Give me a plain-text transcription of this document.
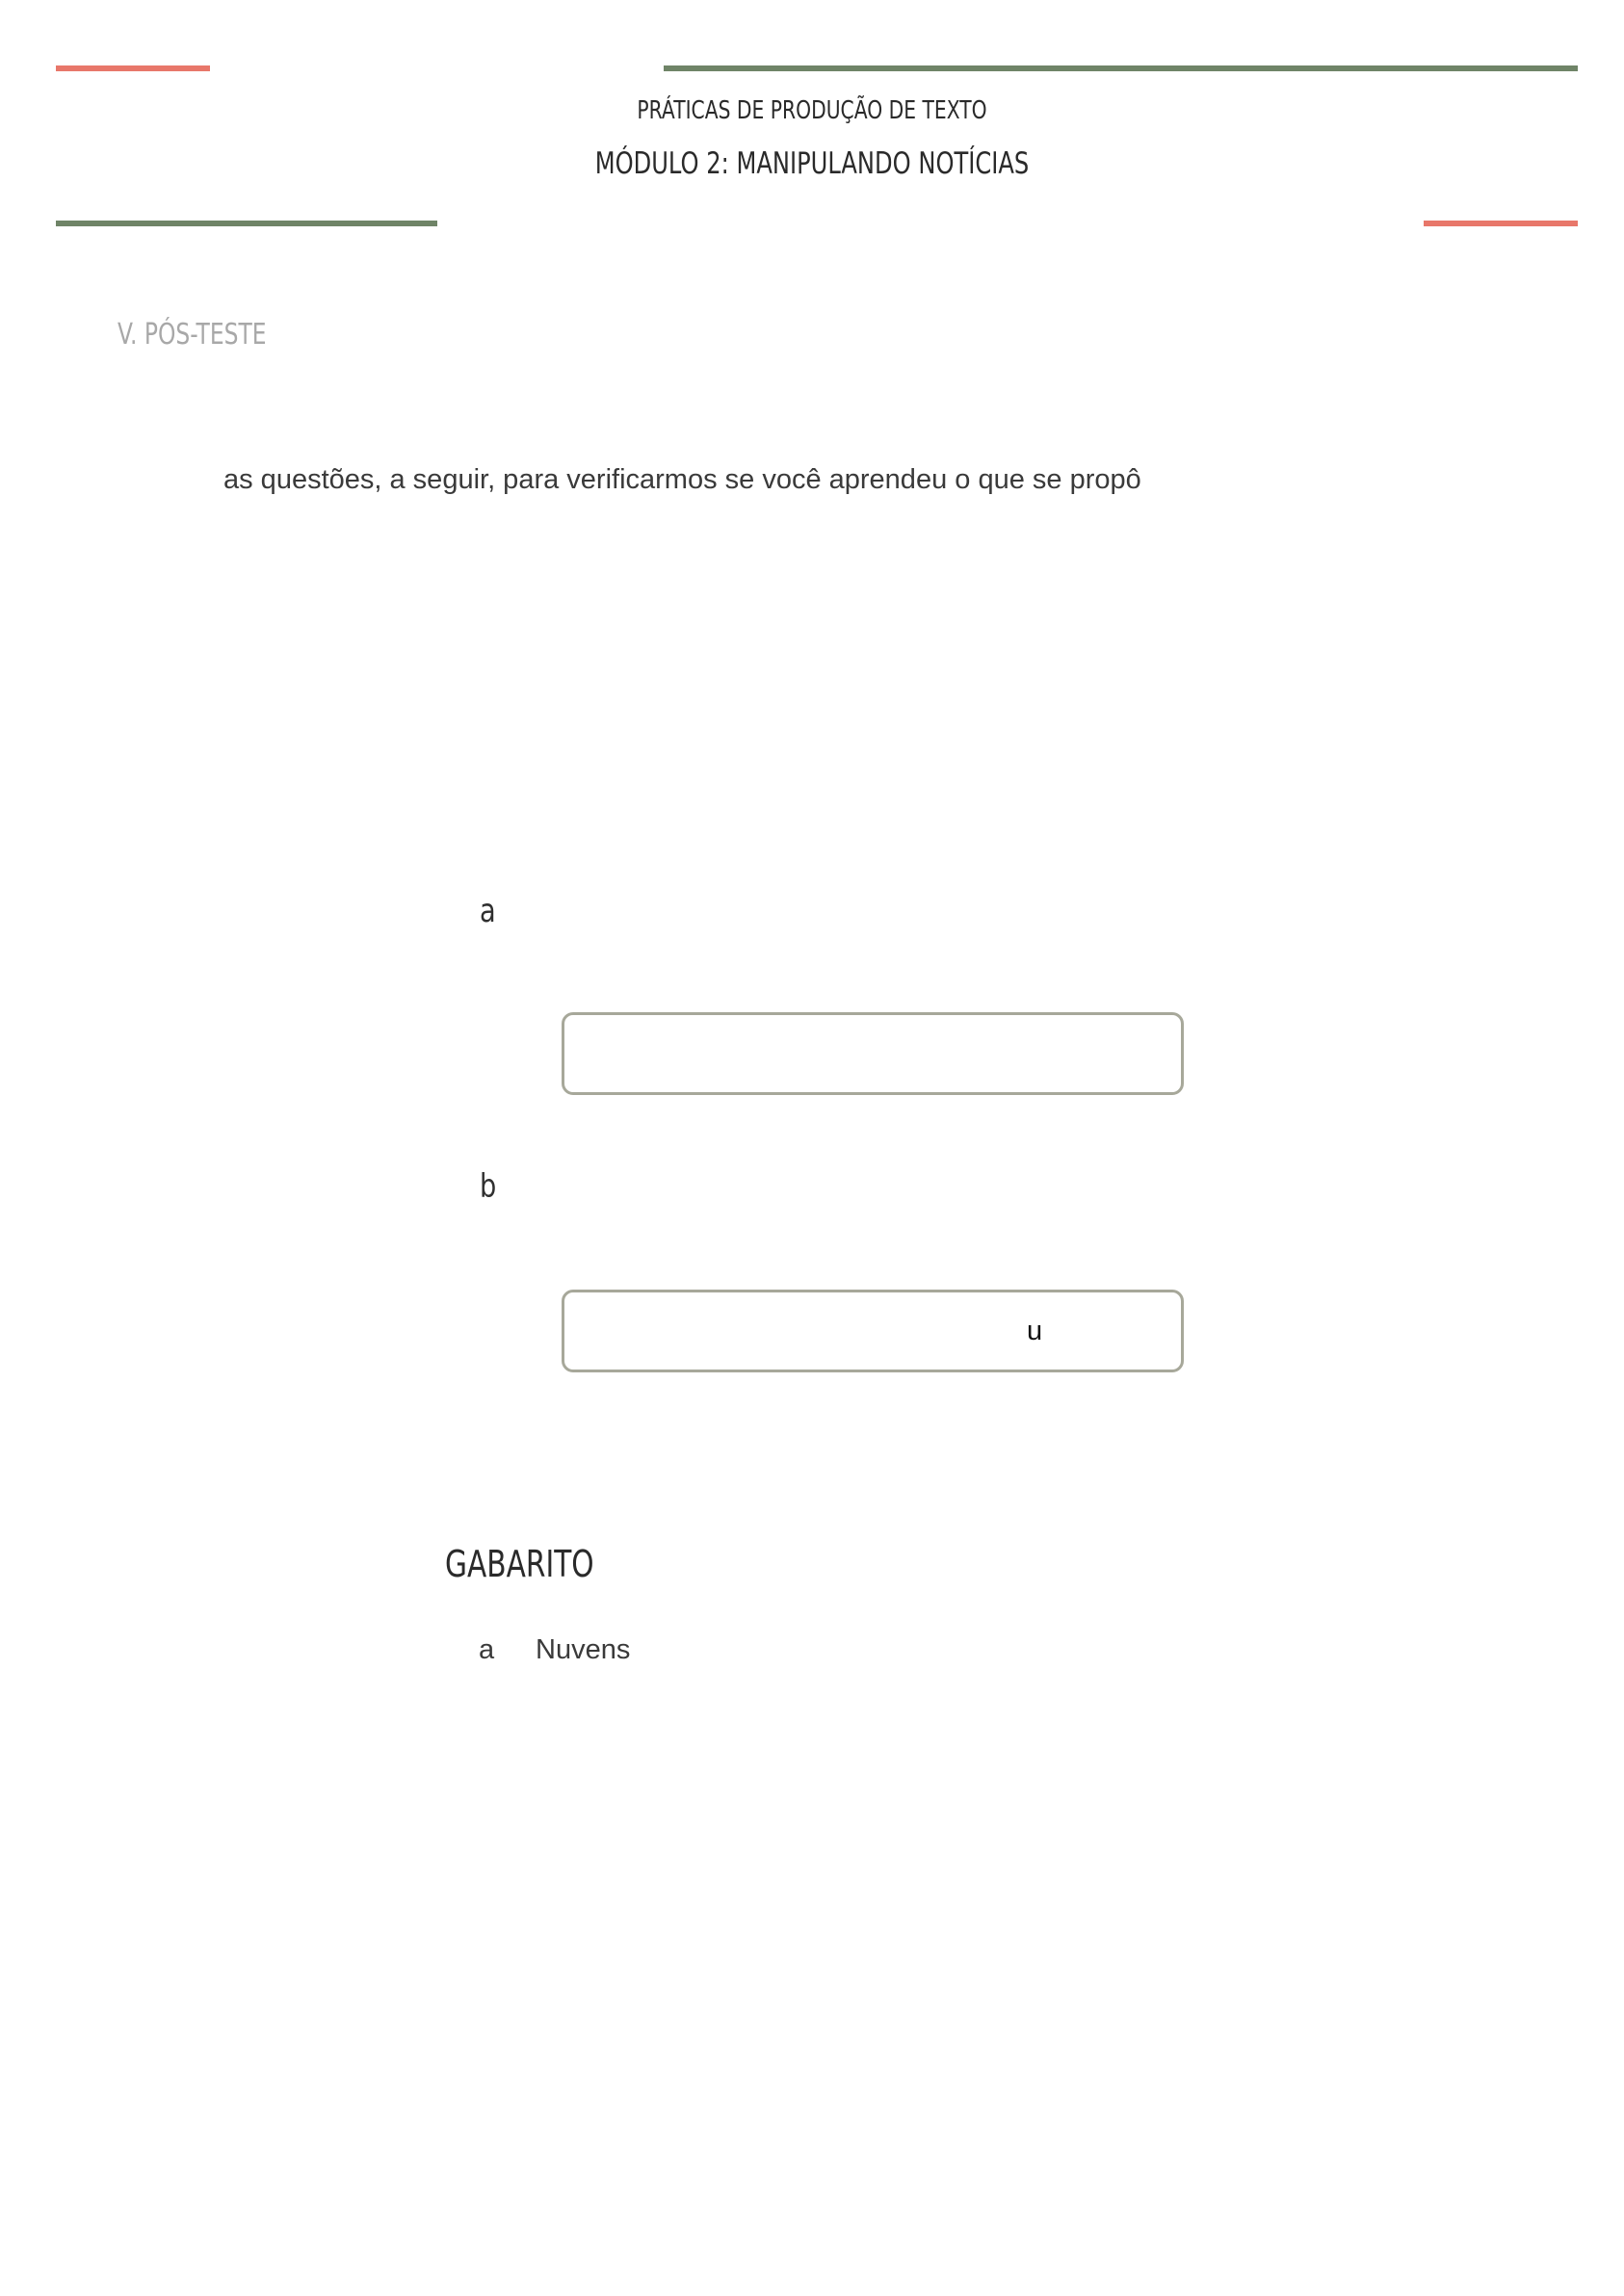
PRÁTICAS DE PRODUÇÃO DE TEXTO
MÓDULO 2: MANIPULANDO NOTÍCIAS
V. PÓS-TESTE
as questões, a seguir, para verificarmos se você aprendeu o que se propô
a
b
u
GABARITO
a Nuvens
